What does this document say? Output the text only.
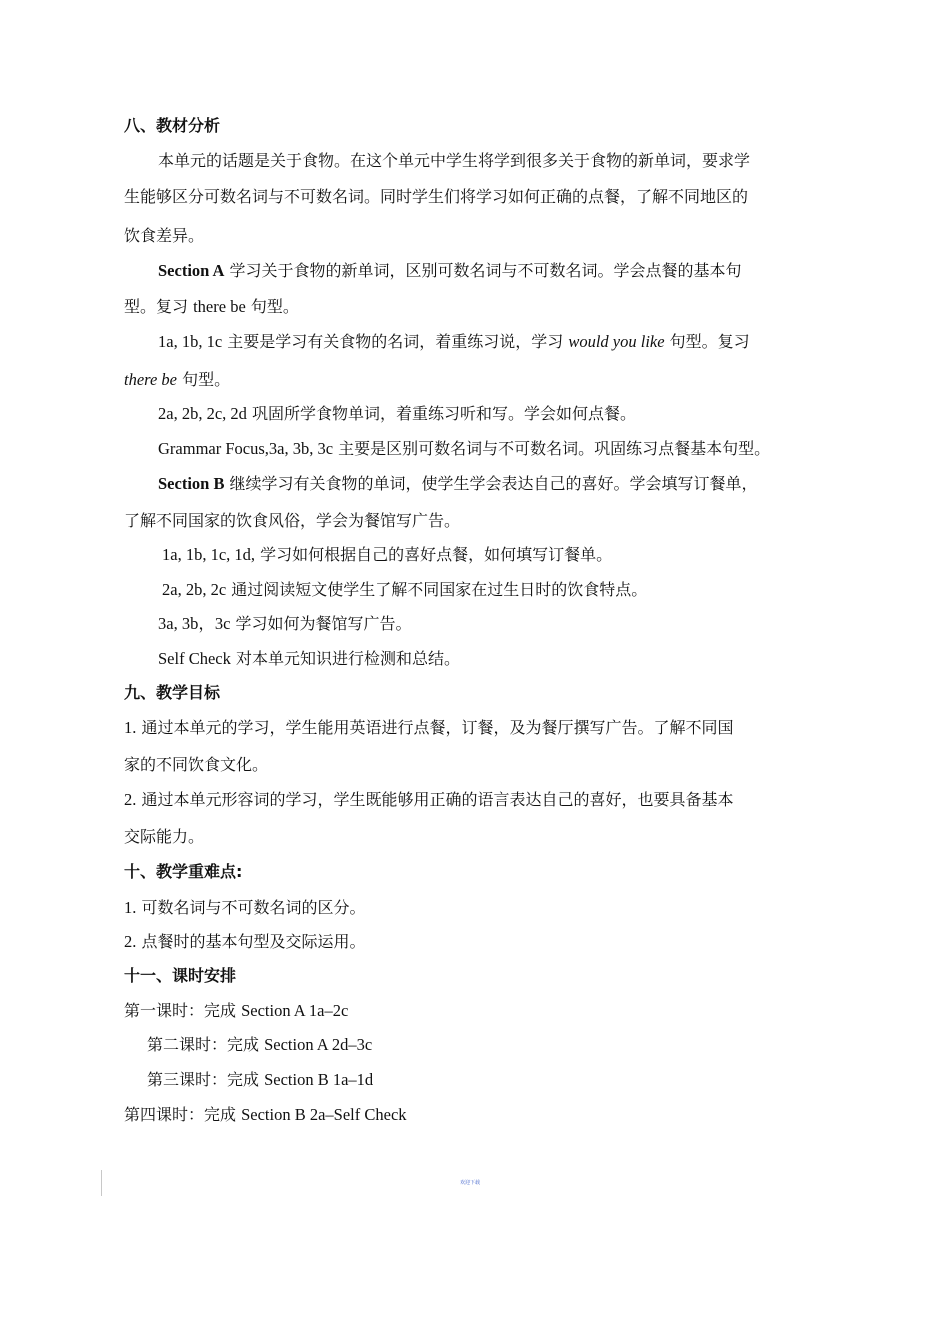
八、教材分析
本单元的话题是关于食物。在这个单元中学生将学到很多关于食物的新单词，要求学
生能够区分可数名词与不可数名词。同时学生们将学习如何正确的点餐，了解不同地区的
饮食差异。
Section A 学习关于食物的新单词，区别可数名词与不可数名词。学会点餐的基本句
型。复习 there be 句型。
1a, 1b, 1c 主要是学习有关食物的名词，着重练习说，学习 would you like 句型。复习
there be 句型。
2a, 2b, 2c, 2d 巩固所学食物单词，着重练习听和写。学会如何点餐。
Grammar Focus,3a, 3b, 3c 主要是区别可数名词与不可数名词。巩固练习点餐基本句型。
Section B 继续学习有关食物的单词，使学生学会表达自己的喜好。学会填写订餐单，
了解不同国家的饮食风俗，学会为餐馆写广告。
1a, 1b, 1c, 1d, 学习如何根据自己的喜好点餐，如何填写订餐单。
2a, 2b, 2c 通过阅读短文使学生了解不同国家在过生日时的饮食特点。
3a, 3b，3c 学习如何为餐馆写广告。
Self Check 对本单元知识进行检测和总结。
九、教学目标
1. 通过本单元的学习，学生能用英语进行点餐，订餐，及为餐厅撰写广告。了解不同国
家的不同饮食文化。
2. 通过本单元形容词的学习，学生既能够用正确的语言表达自己的喜好，也要具备基本
交际能力。
十、教学重难点:
1. 可数名词与不可数名词的区分。
2. 点餐时的基本句型及交际运用。
十一、课时安排
第一课时：完成 Section A 1a–2c
第二课时：完成 Section A 2d–3c
第三课时：完成 Section B 1a–1d
第四课时：完成 Section B 2a–Self Check
欢迎下载
